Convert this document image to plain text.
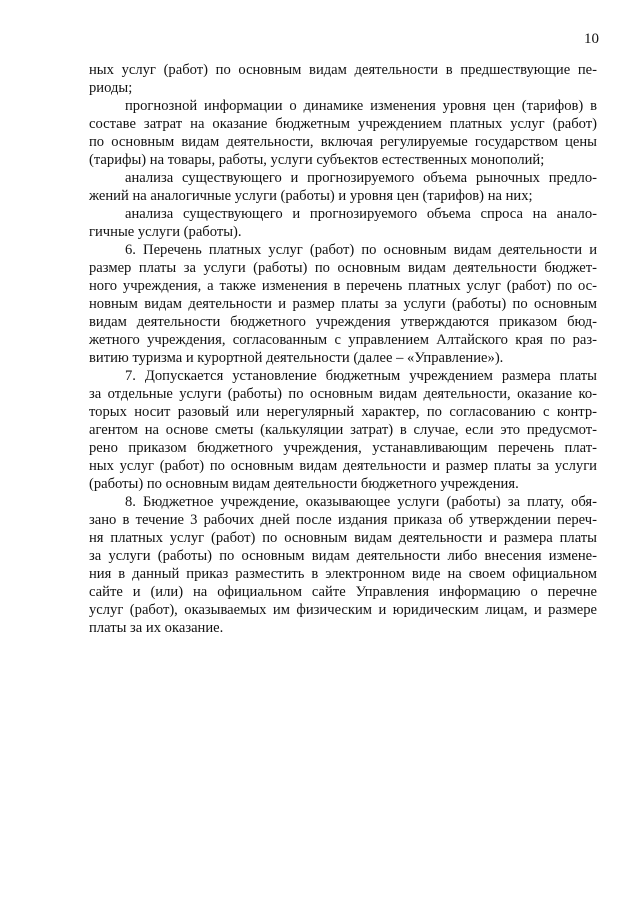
10
ных услуг (работ) по основным видам деятельности в предшествующие пе-
риоды;
прогнозной информации о динамике изменения уровня цен (тарифов) в
составе затрат на оказание бюджетным учреждением платных услуг (работ)
по основным видам деятельности, включая регулируемые государством цены
(тарифы) на товары, работы, услуги субъектов естественных монополий;
анализа существующего и прогнозируемого объема рыночных предло-
жений на аналогичные услуги (работы) и уровня цен (тарифов) на них;
анализа существующего и прогнозируемого объема спроса на анало-
гичные услуги (работы).
6. Перечень платных услуг (работ) по основным видам деятельности и
размер платы за услуги (работы) по основным видам деятельности бюджет-
ного учреждения, а также изменения в перечень платных услуг (работ) по ос-
новным видам деятельности и размер платы за услуги (работы) по основным
видам деятельности бюджетного учреждения утверждаются приказом бюд-
жетного учреждения, согласованным с управлением Алтайского края по раз-
витию туризма и курортной деятельности (далее – «Управление»).
7. Допускается установление бюджетным учреждением размера платы
за отдельные услуги (работы) по основным видам деятельности, оказание ко-
торых носит разовый или нерегулярный характер, по согласованию с контр-
агентом на основе сметы (калькуляции затрат) в случае, если это предусмот-
рено приказом бюджетного учреждения, устанавливающим перечень плат-
ных услуг (работ) по основным видам деятельности и размер платы за услуги
(работы) по основным видам деятельности бюджетного учреждения.
8. Бюджетное учреждение, оказывающее услуги (работы) за плату, обя-
зано в течение 3 рабочих дней после издания приказа об утверждении переч-
ня платных услуг (работ) по основным видам деятельности и размера платы
за услуги (работы) по основным видам деятельности либо внесения измене-
ния в данный приказ разместить в электронном виде на своем официальном
сайте и (или) на официальном сайте Управления информацию о перечне
услуг (работ), оказываемых им физическим и юридическим лицам, и размере
платы за их оказание.
